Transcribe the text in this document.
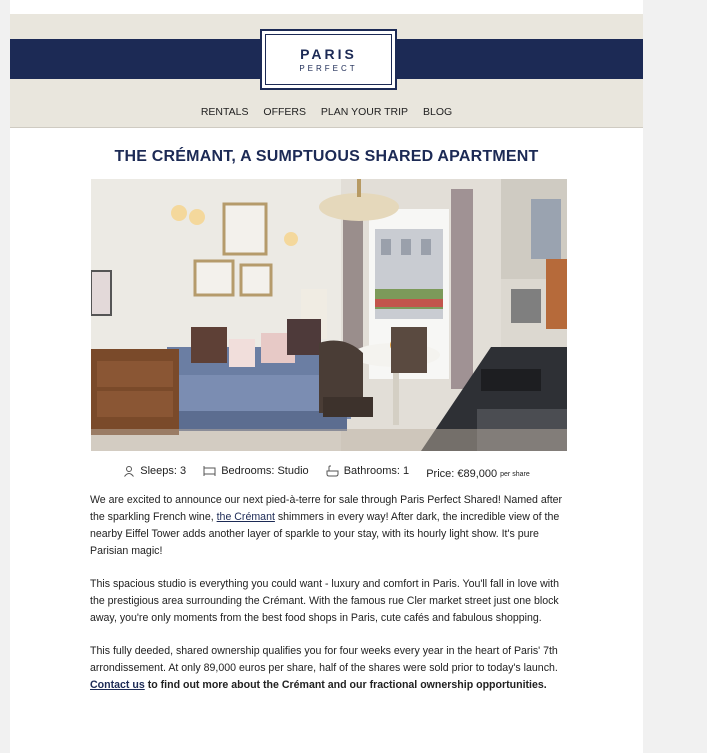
PARIS
PERFECT
RENTALS OFFERS PLAN YOUR TRIP BLOG
THE CRÉMANT, A SUMPTUOUS SHARED APARTMENT
Sleeps: 3
	Bedrooms: Studio
	Bathrooms: 1
Price: €89,000 per share

We are excited to announce our next pied-à-terre for sale through Paris Perfect Shared! Named after the sparkling French wine, the Crémant shimmers in every way! After dark, the incredible view of the nearby Eiffel Tower adds another layer of sparkle to your stay, with its hourly light show. It's pure Parisian magic!

This spacious studio is everything you could want - luxury and comfort in Paris. You'll fall in love with the prestigious area surrounding the Crémant. With the famous rue Cler market street just one block away, you're only moments from the best food shops in Paris, cute cafés and fabulous shopping.

This fully deeded, shared ownership qualifies you for four weeks every year in the heart of Paris' 7th arrondissement. At only 89,000 euros per share, half of the shares were sold prior to today's launch. Contact us to find out more about the Crémant and our fractional ownership opportunities.
